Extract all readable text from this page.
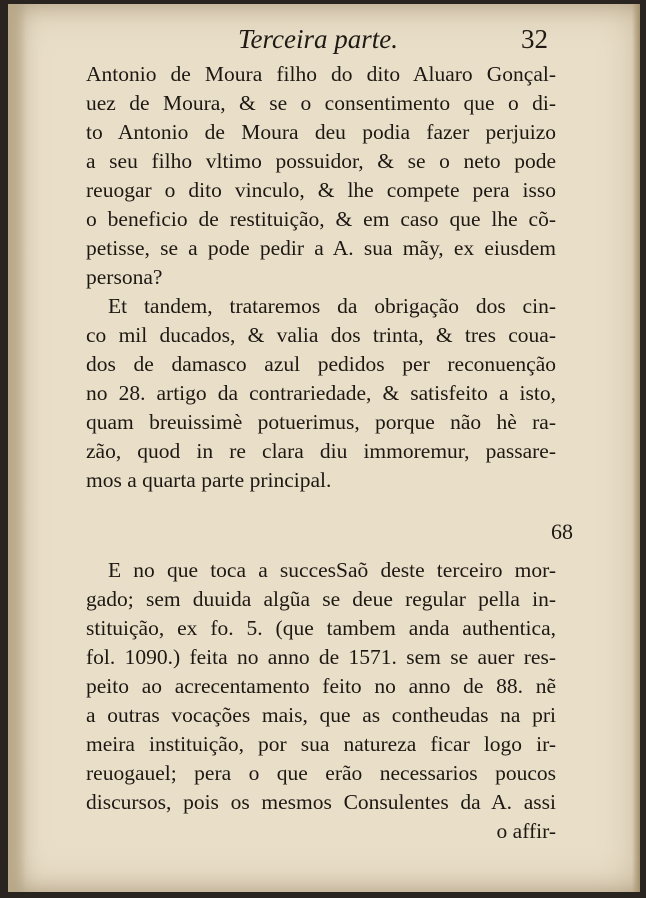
Terceira parte.	32
Antonio de Moura filho do dito Aluaro Gonçal-
uez de Moura, & se o consentimento que o di-
to Antonio de Moura deu podia fazer perjuizo
a seu filho vltimo possuidor, & se o neto pode
reuogar o dito vinculo, & lhe compete pera isso
o beneficio de restituição, & em caso que lhe cõ-
petisse, se a pode pedir a A. sua mãy, ex eiusdem
persona?
Et tandem, trataremos da obrigação dos cin-
co mil ducados, & valia dos trinta, & tres coua-
dos de damasco azul pedidos per reconuenção
no 28. artigo da contrariedade, & satisfeito a isto,
quam breuissimè potuerimus, porque não hè ra-
zão, quod in re clara diu immoremur, passare-
mos a quarta parte principal.
E no que toca a succesSaõ deste terceiro mor-
gado; sem duuida algũa se deue regular pella in-
stituição, ex fo. 5. (que tambem anda authentica,
fol. 1090.) feita no anno de 1571. sem se auer res-
peito ao acrecentamento feito no anno de 88. nẽ
a outras vocações mais, que as contheudas na pri
meira instituição, por sua natureza ficar logo ir-
reuogauel; pera o que erão necessarios poucos
discursos, pois os mesmos Consulentes da A. assi
o affir-
68
